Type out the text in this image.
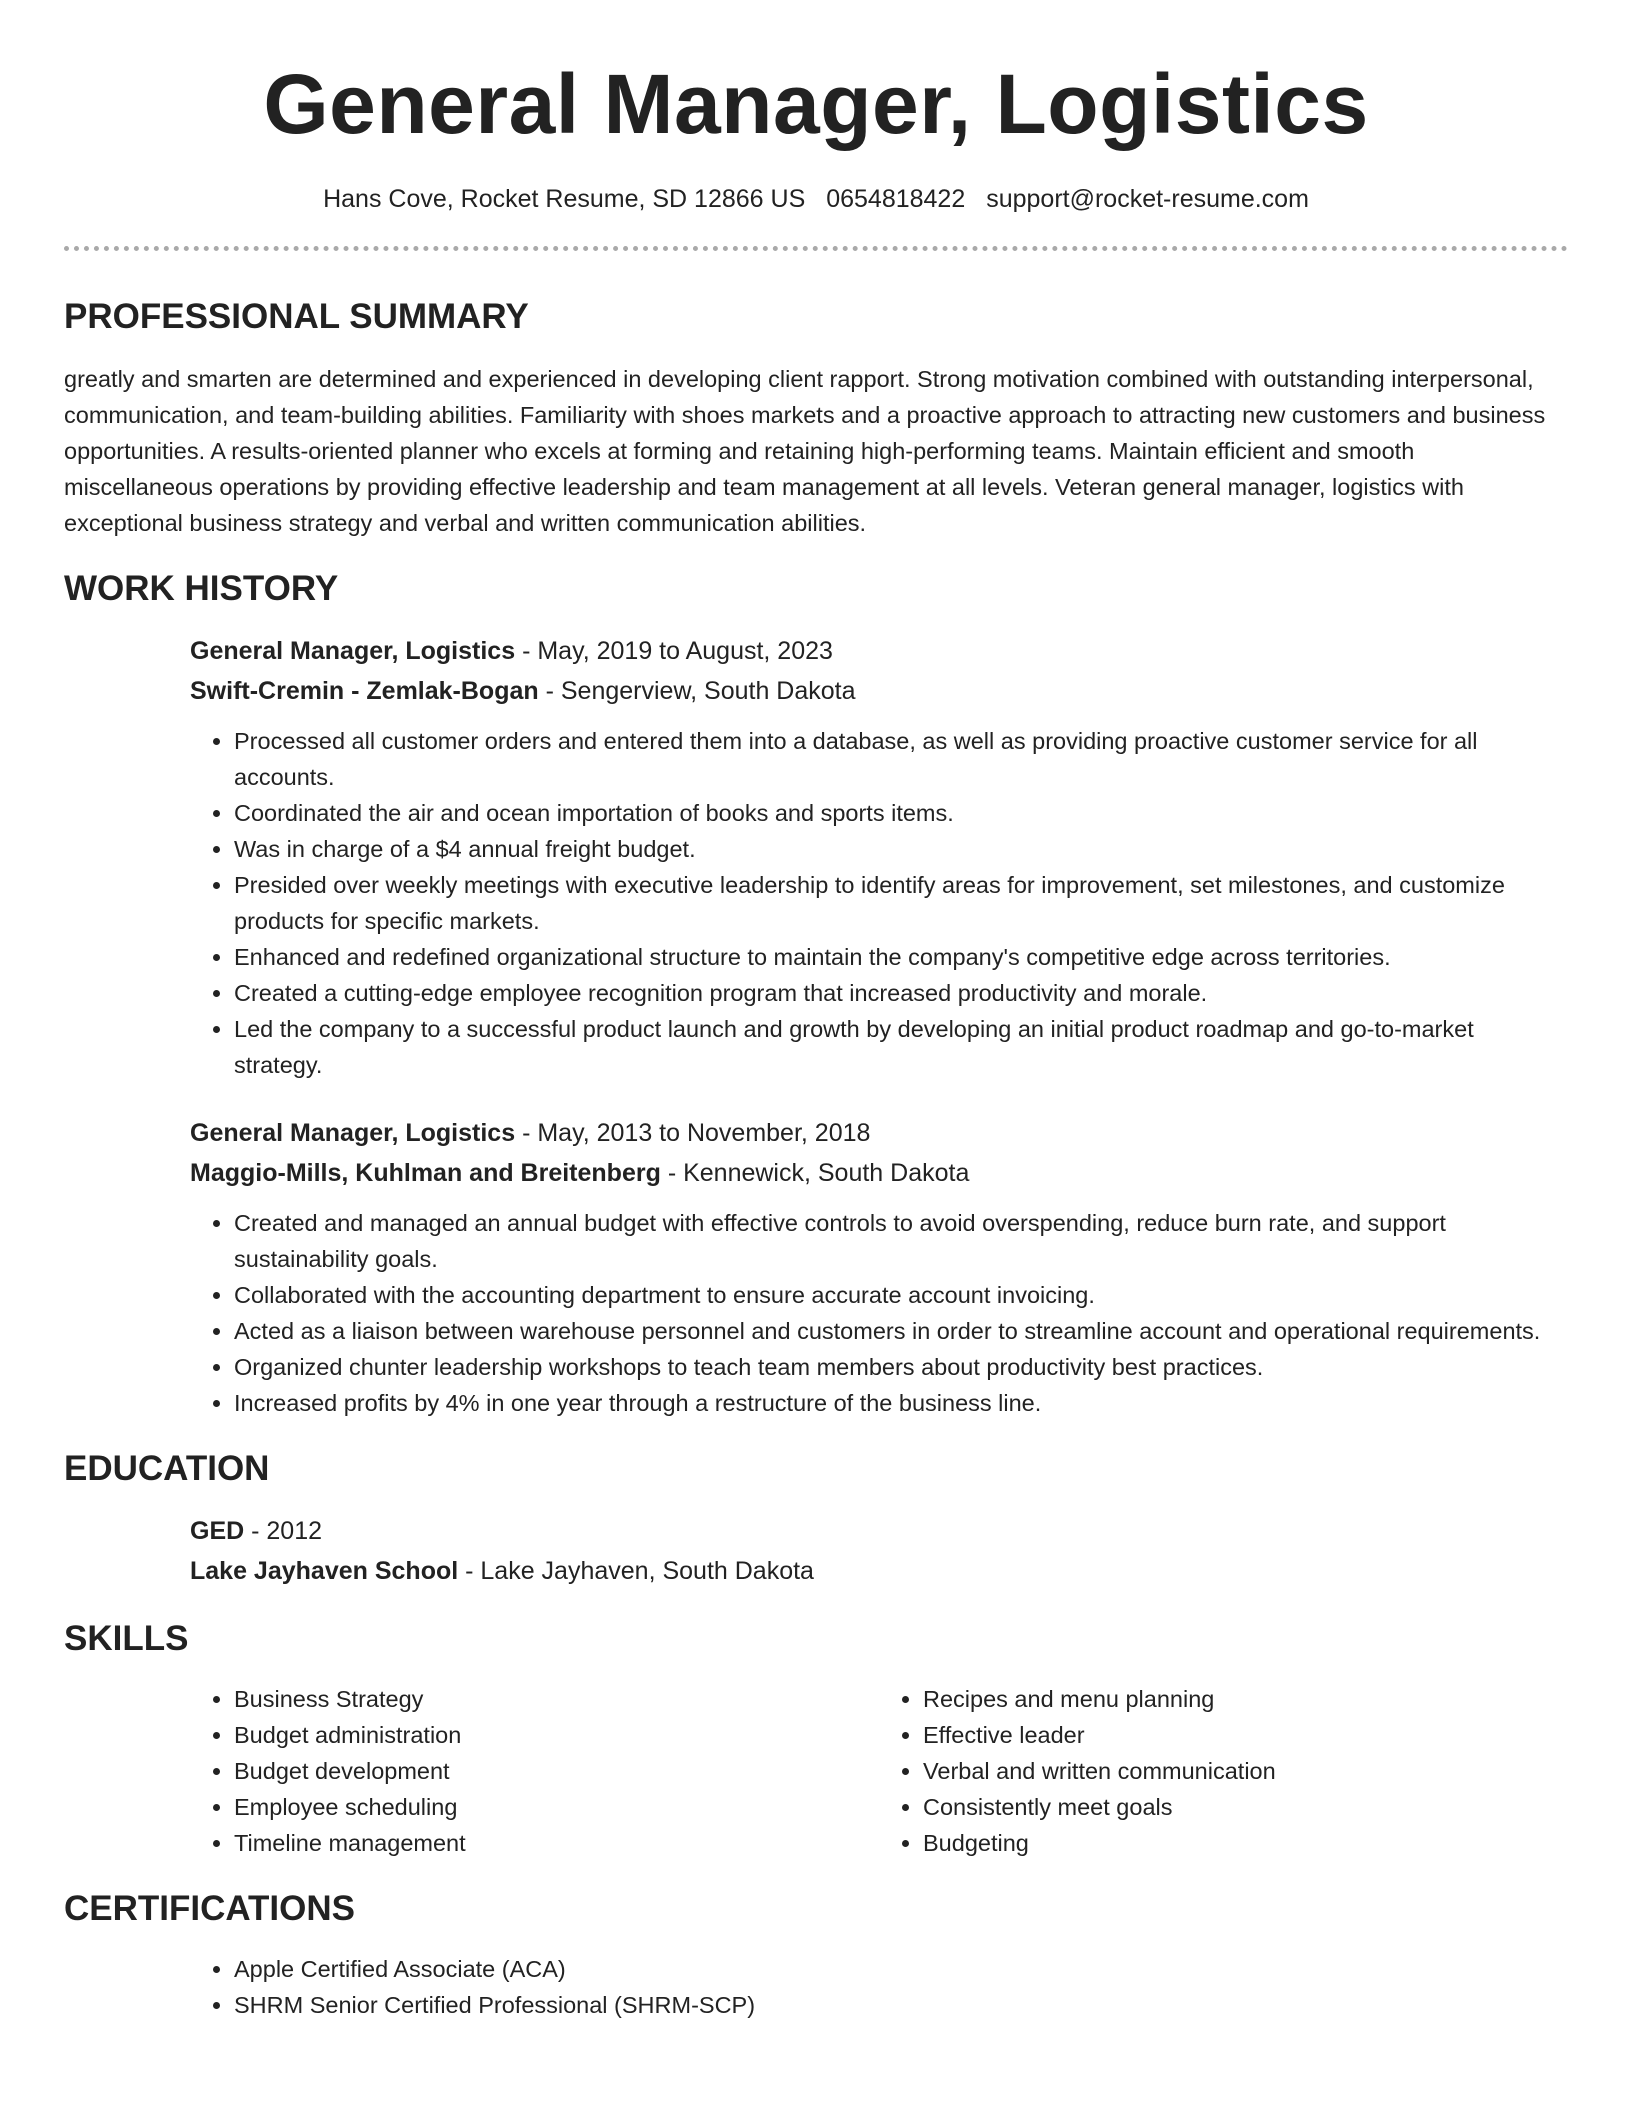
General Manager, Logistics
Hans Cove, Rocket Resume, SD 12866 US 0654818422 support@rocket-resume.com
PROFESSIONAL SUMMARY

greatly and smarten are determined and experienced in developing client rapport. Strong motivation combined with outstanding interpersonal, communication, and team-building abilities. Familiarity with shoes markets and a proactive approach to attracting new customers and business opportunities. A results-oriented planner who excels at forming and retaining high-performing teams. Maintain efficient and smooth miscellaneous operations by providing effective leadership and team management at all levels. Veteran general manager, logistics with exceptional business strategy and verbal and written communication abilities.

WORK HISTORY

General Manager, Logistics - May, 2019 to August, 2023

Swift-Cremin - Zemlak-Bogan - Sengerview, South Dakota

• Processed all customer orders and entered them into a database, as well as providing proactive customer service for all accounts.
• Coordinated the air and ocean importation of books and sports items.
• Was in charge of a $4 annual freight budget.
• Presided over weekly meetings with executive leadership to identify areas for improvement, set milestones, and customize products for specific markets.
• Enhanced and redefined organizational structure to maintain the company's competitive edge across territories.
• Created a cutting-edge employee recognition program that increased productivity and morale.
• Led the company to a successful product launch and growth by developing an initial product roadmap and go-to-market strategy.

General Manager, Logistics - May, 2013 to November, 2018

Maggio-Mills, Kuhlman and Breitenberg - Kennewick, South Dakota

• Created and managed an annual budget with effective controls to avoid overspending, reduce burn rate, and support sustainability goals.
• Collaborated with the accounting department to ensure accurate account invoicing.
• Acted as a liaison between warehouse personnel and customers in order to streamline account and operational requirements.
• Organized chunter leadership workshops to teach team members about productivity best practices.
• Increased profits by 4% in one year through a restructure of the business line.
EDUCATION

GED - 2012

Lake Jayhaven School - Lake Jayhaven, South Dakota

SKILLS
• Business Strategy
• Budget administration
• Budget development
• Employee scheduling
• Timeline management
• Recipes and menu planning
• Effective leader
• Verbal and written communication
• Consistently meet goals
• Budgeting
CERTIFICATIONS
• Apple Certified Associate (ACA)
• SHRM Senior Certified Professional (SHRM-SCP)
